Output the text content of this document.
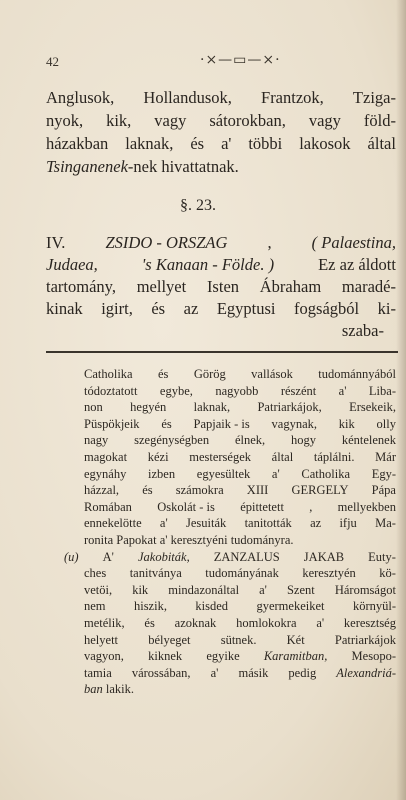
42	·×—▭—×·
Anglusok, Hollandusok, Frantzok, Tziga-
nyok, kik, vagy sátorokban, vagy föld-
házakban laknak, és a' többi lakosok által
Tsinganenek-nek hivattatnak.
§. 23.
IV. ZSIDO - ORSZAG , ( Palaestina,
Judaea,	's Kanaan - Földe. )	Ez az áldott
tartomány, mellyet Isten Ábraham maradé-
kinak igirt, és az Egyptusi fogságból ki-
szaba-
Catholika és Görög vallások tudománnyából
tódoztatott egybe, nagyobb részént a' Liba-
non hegyén laknak, Patriarkájok, Ersekeik,
Püspökjeik és Papjaik - is vagynak, kik olly
nagy szegénységben élnek, hogy kéntelenek
magokat kézi mesterségek által táplálni. Már
egynáhy izben egyesültek a' Catholika Egy-
házzal, és számokra XIII GERGELY Pápa
Romában Oskolát - is épittetett , mellyekben
ennekelötte a' Jesuiták tanitották az ifju Ma-
ronita Papokat a' keresztyéni tudományra.
(u) A' Jakobiták, ZANZALUS JAKAB Euty-
ches tanitványa tudományának keresztyén kö-
vetöi, kik mindazonáltal a' Szent Háromságot
nem hiszik, kisded gyermekeiket környül-
metélik, és azoknak homlokokra a' keresztség
helyett bélyeget sütnek. Két Patriarkájok
vagyon, kiknek egyike Karamitban, Mesopo-
tamia várossában, a' másik pedig Alexandriá-
ban lakik.
